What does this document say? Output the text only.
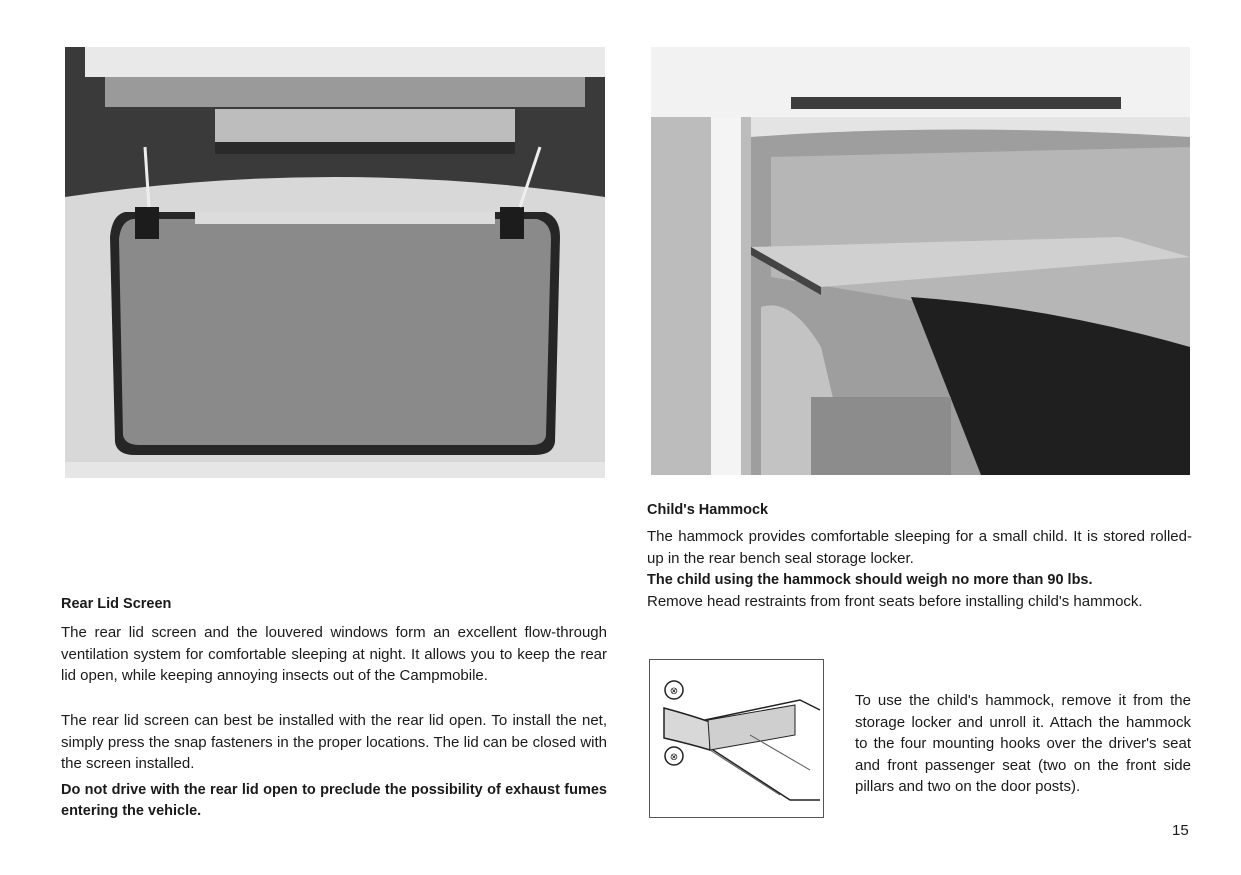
Rear Lid Screen

The rear lid screen and the louvered windows form an excellent flow-through ventilation system for comfortable sleeping at night. It allows you to keep the rear lid open, while keeping annoying insects out of the Campmobile.

The rear lid screen can best be installed with the rear lid open. To install the net, simply press the snap fasteners in the proper locations. The lid can be closed with the screen installed.

Do not drive with the rear lid open to preclude the possibility of exhaust fumes entering the vehicle.

Child's Hammock

The hammock provides comfortable sleeping for a small child. It is stored rolled-up in the rear bench seal storage locker.

The child using the hammock should weigh no more than 90 lbs.

Remove head restraints from front seats before installing child's hammock.

⊗
⊗

To use the child's hammock, remove it from the storage locker and unroll it. Attach the hammock to the four mounting hooks over the driver's seat and front passenger seat (two on the front side pillars and two on the door posts).

15
